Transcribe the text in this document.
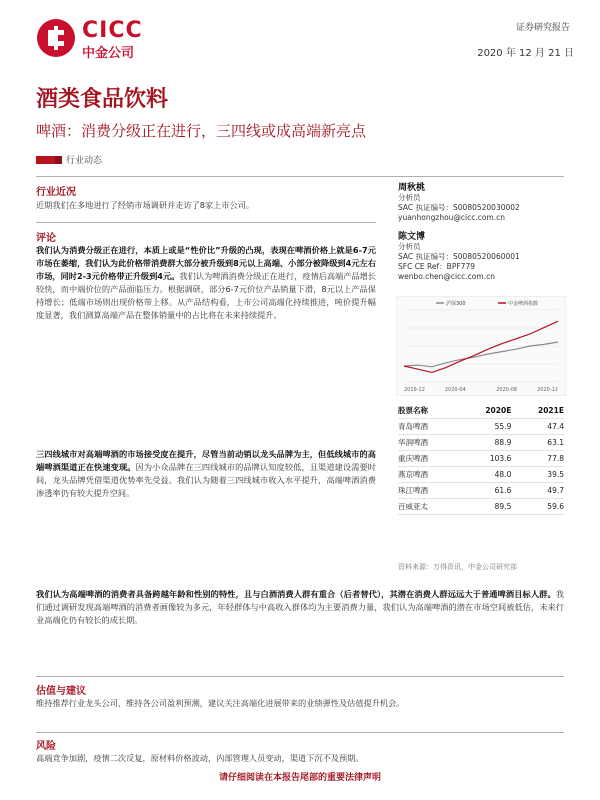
CICC
中金公司
证券研究报告
2020 年 12 月 21 日
酒类食品饮料
啤酒：消费分级正在进行，三四线或成高端新亮点
行业动态
行业近况
近期我们在多地进行了经销市场调研并走访了8家上市公司。
评论
我们认为消费分级正在进行，本质上或是“性价比”升级的凸现，表现在啤酒价格上就是6-7元市场在萎缩，我们认为此价格带消费群大部分被升级到8元以上高端、小部分被降级到4元左右市场，同时2-3元价格带正升级到4元。我们认为啤酒消费分级正在进行，疫情后高端产品增长较快，而中端价位的产品面临压力。根据调研，部分6-7元价位产品销量下滑，8元以上产品保持增长；低端市场则出现价格带上移。从产品结构看，上市公司高端化持续推进，吨价提升幅度显著，我们测算高端产品在整体销量中的占比将在未来持续提升。
三四线城市对高端啤酒的市场接受度在提升，尽管当前动销以龙头品牌为主，但低线城市的高端啤酒渠道正在快速变现。因为小众品牌在三四线城市的品牌认知度较低，且渠道建设需要时间，龙头品牌凭借渠道优势率先受益。我们认为随着三四线城市收入水平提升，高端啤酒消费渗透率仍有较大提升空间。
我们认为高端啤酒的消费者具备跨越年龄和性别的特性，且与白酒消费人群有重合（后者替代），其潜在消费人群远远大于普通啤酒目标人群。我们通过调研发现高端啤酒的消费者画像较为多元，年轻群体与中高收入群体均为主要消费力量，我们认为高端啤酒的潜在市场空间被低估，未来行业高端化仍有较长的成长期。
估值与建议
维持推荐行业龙头公司，维持各公司盈利预测，建议关注高端化进展带来的业绩弹性及估值提升机会。
风险
高端竞争加剧，疫情二次反复，原材料价格波动，内部管理人员变动，渠道下沉不及预期。
周秋桃
分析员
SAC 执证编号：S0080520030002
yuanhongzhou@cicc.com.cn
陈文博
分析员
SAC 执证编号：S0080520060001
SFC CE Ref：BPF779
wenbo.chen@cicc.com.cn
2019-12	2020-04	2020-08	2020-12
沪深300	中金啤酒指数
股票名称	2020E	2021E
青岛啤酒	55.9	47.4
华润啤酒	88.9	63.1
重庆啤酒	103.6	77.8
燕京啤酒	48.0	39.5
珠江啤酒	61.6	49.7
百威亚太	89.5	59.6
资料来源：万得资讯，中金公司研究部
请仔细阅读在本报告尾部的重要法律声明
